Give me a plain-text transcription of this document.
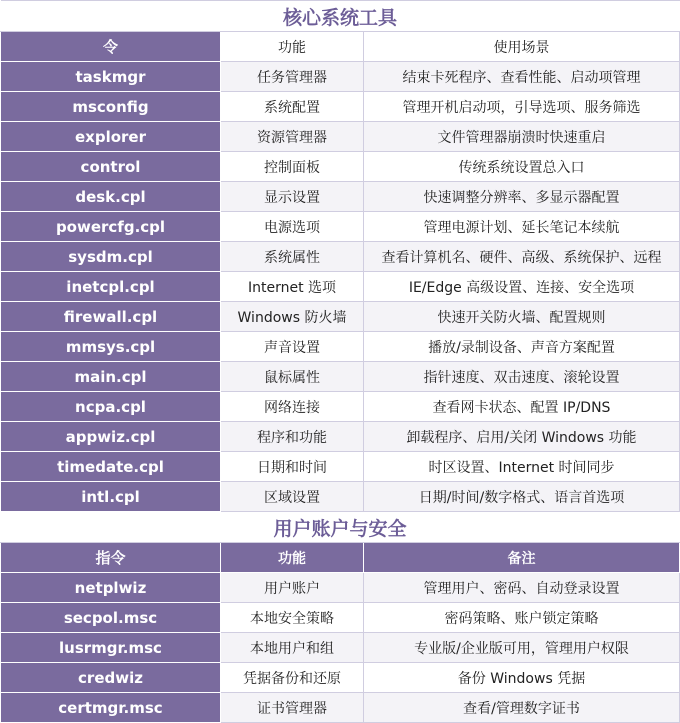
核心系统工具		
令	功能	使用场景
taskmgr	任务管理器	结束卡死程序、查看性能、启动项管理
msconfig	系统配置	管理开机启动项，引导选项、服务筛选
explorer	资源管理器	文件管理器崩溃时快速重启
control	控制面板	传统系统设置总入口
desk.cpl	显示设置	快速调整分辨率、多显示器配置
powercfg.cpl	电源选项	管理电源计划、延长笔记本续航
sysdm.cpl	系统属性	查看计算机名、硬件、高级、系统保护、远程
inetcpl.cpl	Internet 选项	IE/Edge 高级设置、连接、安全选项
firewall.cpl	Windows 防火墙	快速开关防火墙、配置规则
mmsys.cpl	声音设置	播放/录制设备、声音方案配置
main.cpl	鼠标属性	指针速度、双击速度、滚轮设置
ncpa.cpl	网络连接	查看网卡状态、配置 IP/DNS
appwiz.cpl	程序和功能	卸载程序、启用/关闭 Windows 功能
timedate.cpl	日期和时间	时区设置、Internet 时间同步
intl.cpl	区域设置	日期/时间/数字格式、语言首选项
用户账户与安全		
指令	功能	备注
netplwiz	用户账户	管理用户、密码、自动登录设置
secpol.msc	本地安全策略	密码策略、账户锁定策略
lusrmgr.msc	本地用户和组	专业版/企业版可用，管理用户权限
credwiz	凭据备份和还原	备份 Windows 凭据
certmgr.msc	证书管理器	查看/管理数字证书
